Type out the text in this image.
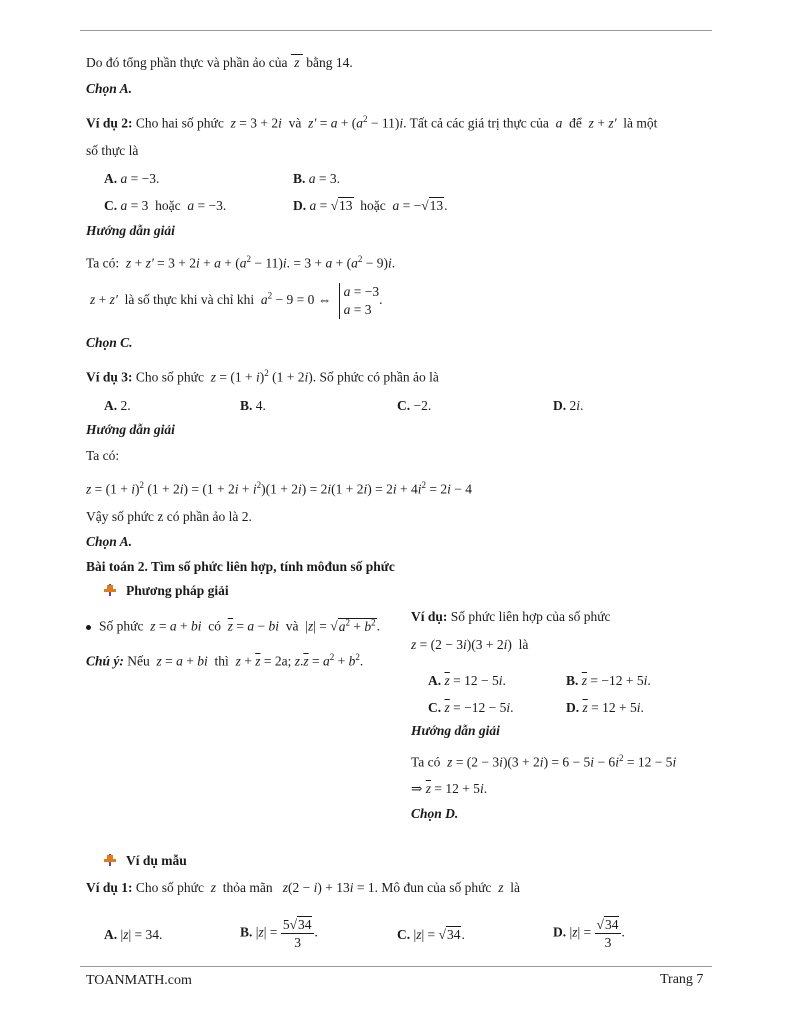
Do đó tổng phần thực và phần ảo của  z  bằng 14.
Chọn A.
Ví dụ 2: Cho hai số phức z = 3 + 2i và $z' = a + (a^2 - 11)i$. Tất cả các giá trị thực của a để z + z′ là một
số thực là
A. a = −3.	B. a = 3.
C. a = 3  hoặc a = −3.	D. a = √13 hoặc a = −√13.
Hướng dẫn giải
Ta có: $z + z' = 3 + 2i + a + (a^2 - 11)i$. = $3 + a + (a^2 - 9)i$.
z + z′ là số thực khi và chỉ khi $a^2 - 9 = 0$ ⇔ a = −3
a = 3.
Chọn C.
Ví dụ 3: Cho số phức $z = (1 + i)^2$ (1 + 2i). Số phức có phần ảo là
A. 2.	B. 4.	C. −2.	D. 2i.
Hướng dẫn giải
Ta có:
$z = (1 + i)^2$ $(1 + 2i) = (1 + 2i + i^2)(1 + 2i) = 2i(1 + 2i) = 2i + 4i^2 = 2i - 4$
Vậy số phức z có phần ảo là 2.
Chọn A.
Bài toán 2. Tìm số phức liên hợp, tính môđun số phức
Phương pháp giải
Số phức z = a + bi có $\overline{z} = a$ − bi và  $|z| = √a^2 + b^2$.
Chú ý: Nếu z = a + bi thì $z + \overline{z} = 2a$; $z.\overline{z} = a^2 + b^2$.
Ví dụ: Số phức liên hợp của số phức
z = (2 − 3i)(3 + 2i)  là
A. $\overline{z} = 12 - 5i$.	B. $\overline{z} = -12 + 5i$.
C. $\overline{z} = -12 - 5i$.	D. $\overline{z} = 12 + 5i$.
Hướng dẫn giải
Ta có $z = (2 - 3i)(3 + 2i) = 6 - 5i - 6i^2 = 12 - 5i$
⇒ $\overline{z} = 12 + 5i$.
Chọn D.
Ví dụ mẫu
Ví dụ 1: Cho số phức z thỏa mãn z(2 − i) + 13i = 1. Mô đun của số phức z là
A. |z| = 34.	B. $|z| = \frac{5√34}{3}$ .	C. |z| = √34.	D. $|z| = \frac{√34}{3}$ .
TOANMATH.com	Trang 7
